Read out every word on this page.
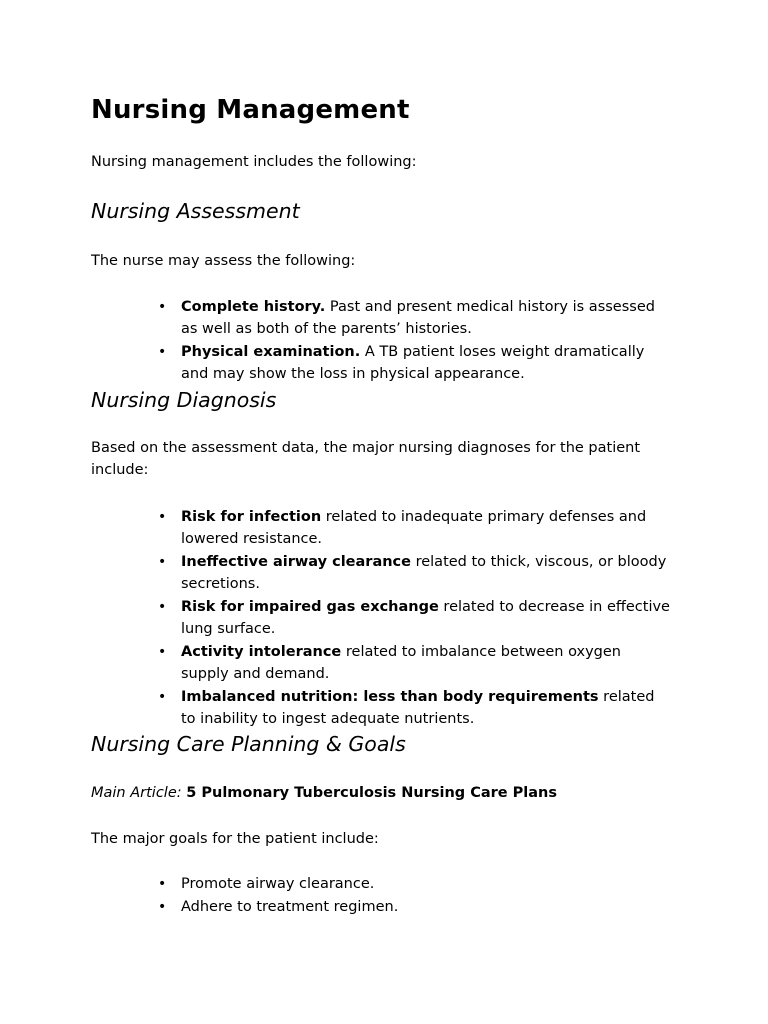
Nursing Management
Nursing management includes the following:
Nursing Assessment
The nurse may assess the following:
• Complete history. Past and present medical history is assessed as well as both of the parents’ histories.
• Physical examination. A TB patient loses weight dramatically and may show the loss in physical appearance.
Nursing Diagnosis
Based on the assessment data, the major nursing diagnoses for the patient include:
• Risk for infection related to inadequate primary defenses and lowered resistance.
• Ineffective airway clearance related to thick, viscous, or bloody secretions.
• Risk for impaired gas exchange related to decrease in effective lung surface.
• Activity intolerance related to imbalance between oxygen supply and demand.
• Imbalanced nutrition: less than body requirements related to inability to ingest adequate nutrients.
Nursing Care Planning & Goals
Main Article: 5 Pulmonary Tuberculosis Nursing Care Plans
The major goals for the patient include:
• Promote airway clearance.
• Adhere to treatment regimen.
